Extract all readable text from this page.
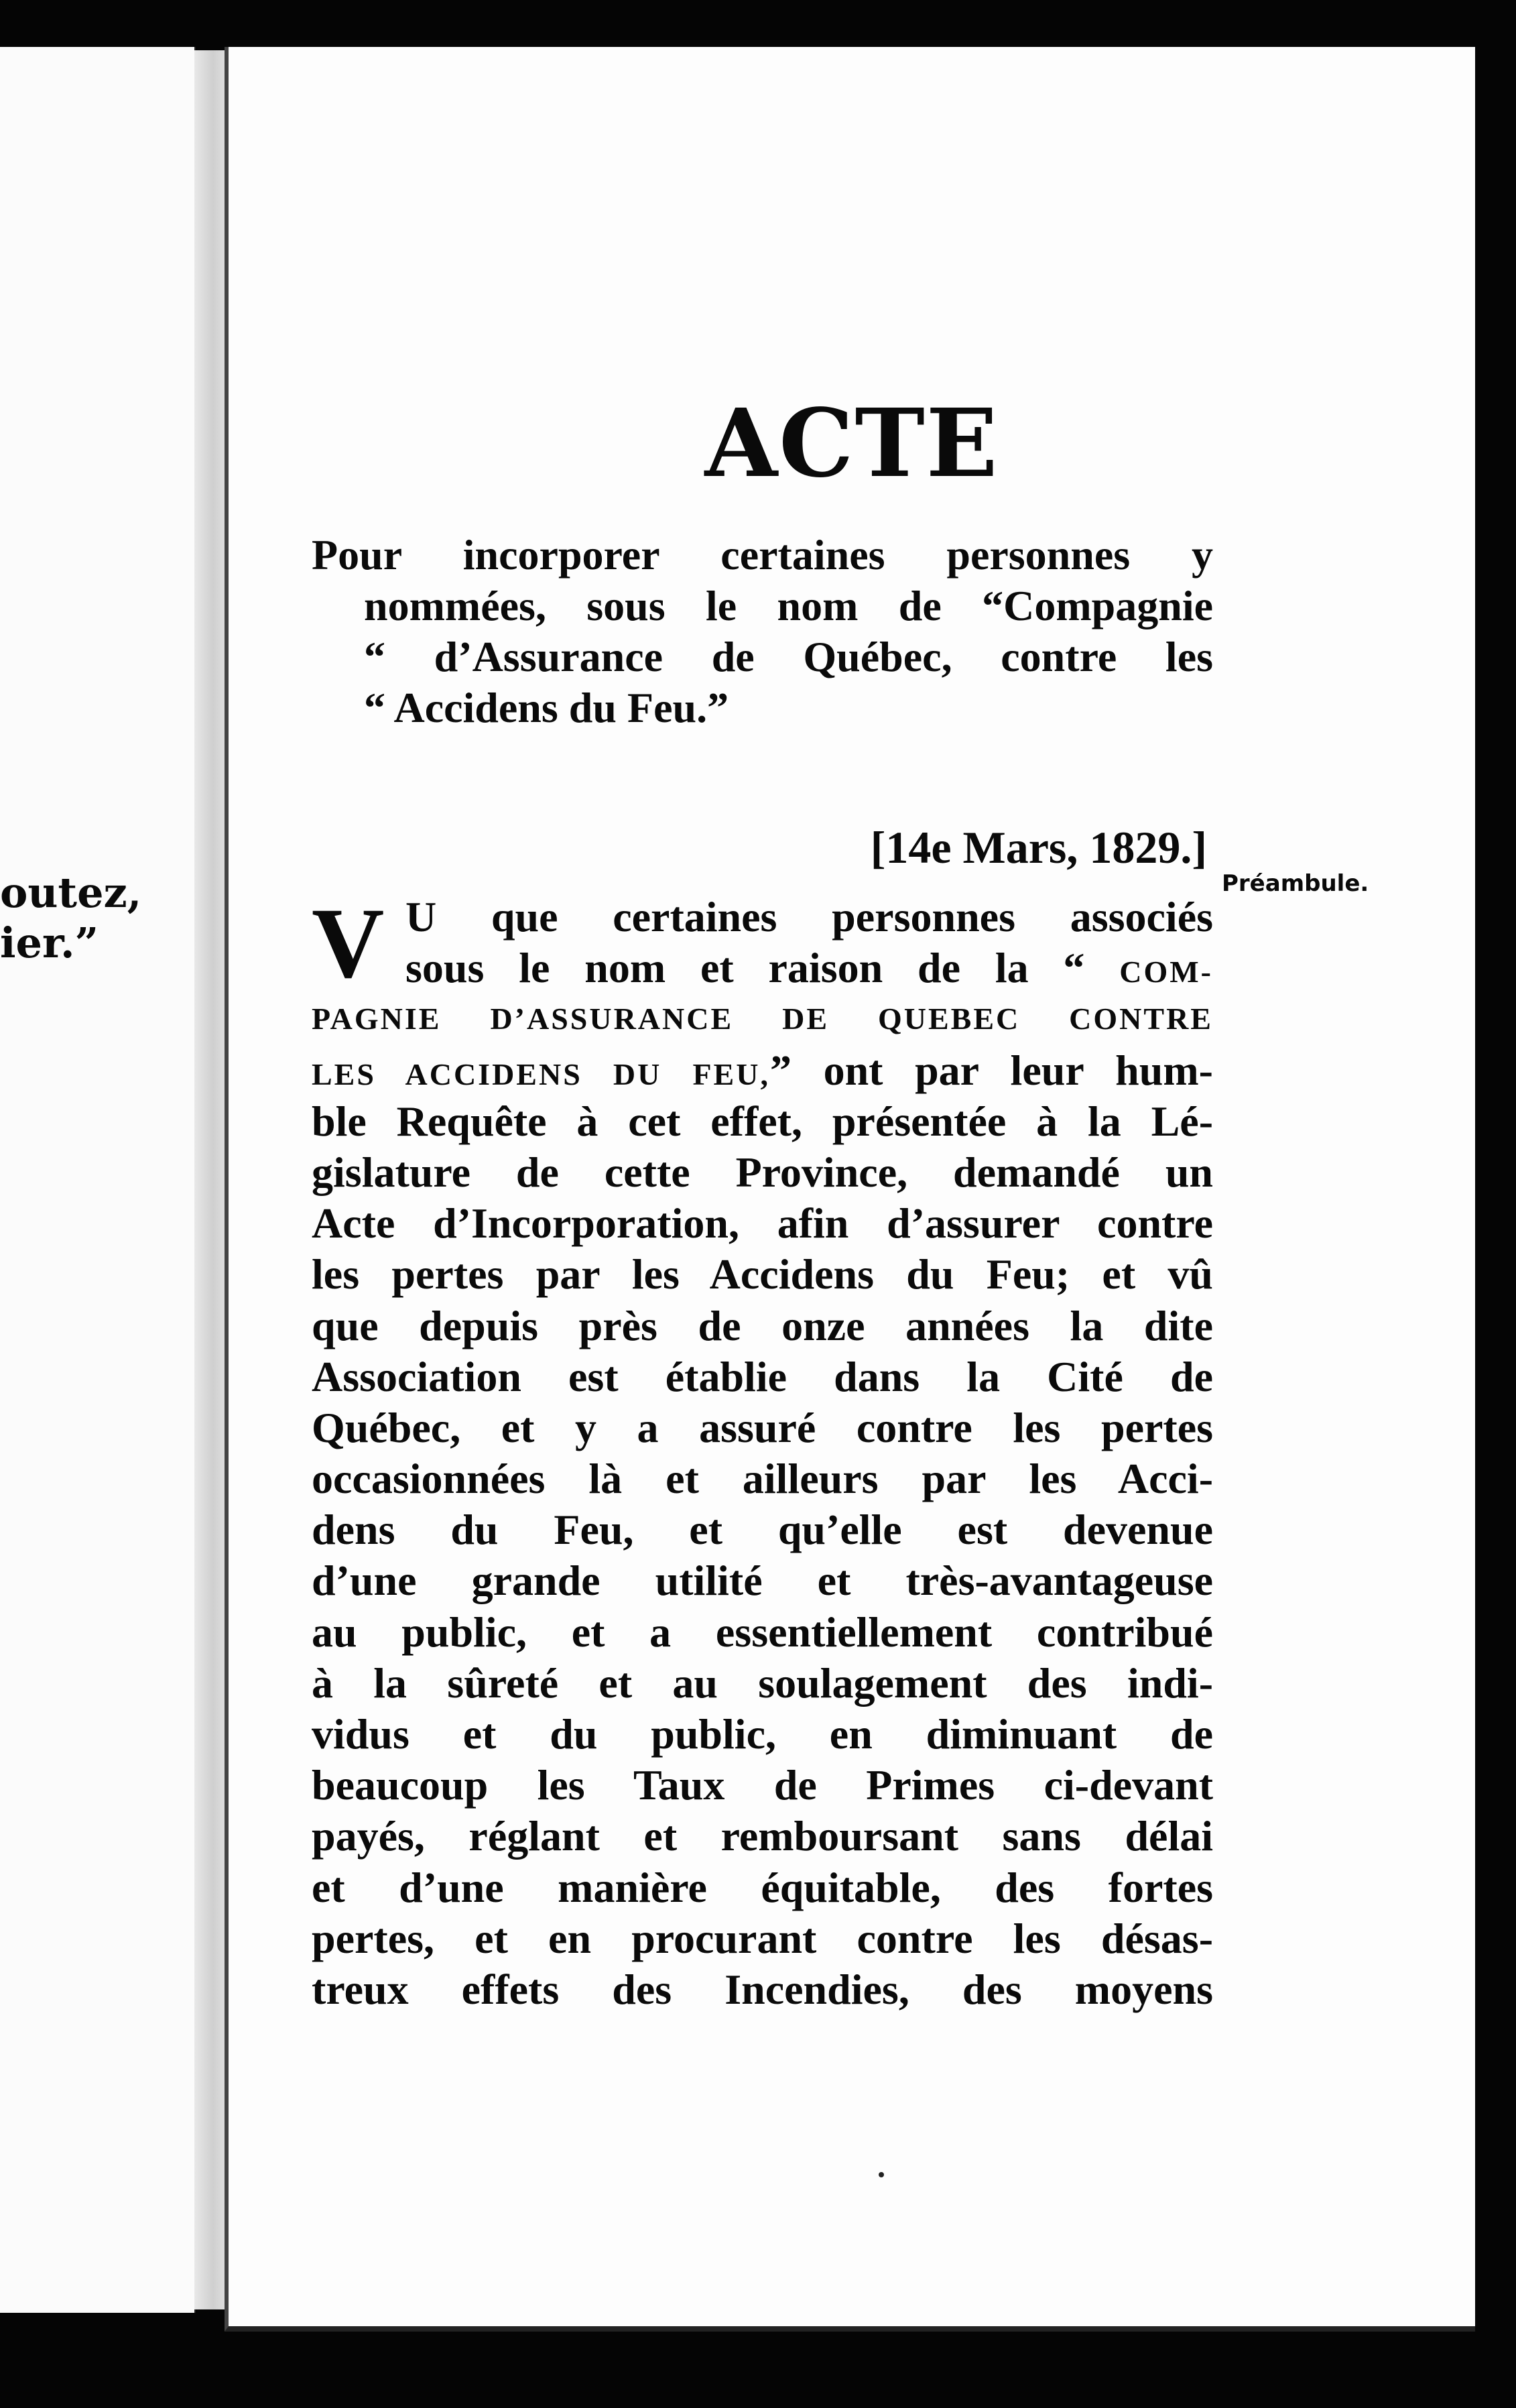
outez,
ier.”
ACTE
Pour incorporer certaines personnes y
nommées, sous le nom de “Compagnie
“ d’Assurance de Québec, contre les
“ Accidens du Feu.”
[14e Mars, 1829.]
Préambule.
V U que certaines personnes associés
sous le nom et raison de la “ COM-
PAGNIE D’ASSURANCE DE QUEBEC CONTRE
LES ACCIDENS DU FEU,” ont par leur hum-
ble Requête à cet effet, présentée à la Lé-
gislature de cette Province, demandé un
Acte d’Incorporation, afin d’assurer contre
les pertes par les Accidens du Feu; et vû
que depuis près de onze années la dite
Association est établie dans la Cité de
Québec, et y a assuré contre les pertes
occasionnées là et ailleurs par les Acci-
dens du Feu, et qu’elle est devenue
d’une grande utilité et très-avantageuse
au public, et a essentiellement contribué
à la sûreté et au soulagement des indi-
vidus et du public, en diminuant de
beaucoup les Taux de Primes ci-devant
payés, réglant et remboursant sans délai
et d’une manière équitable, des fortes
pertes, et en procurant contre les désas-
treux effets des Incendies, des moyens
